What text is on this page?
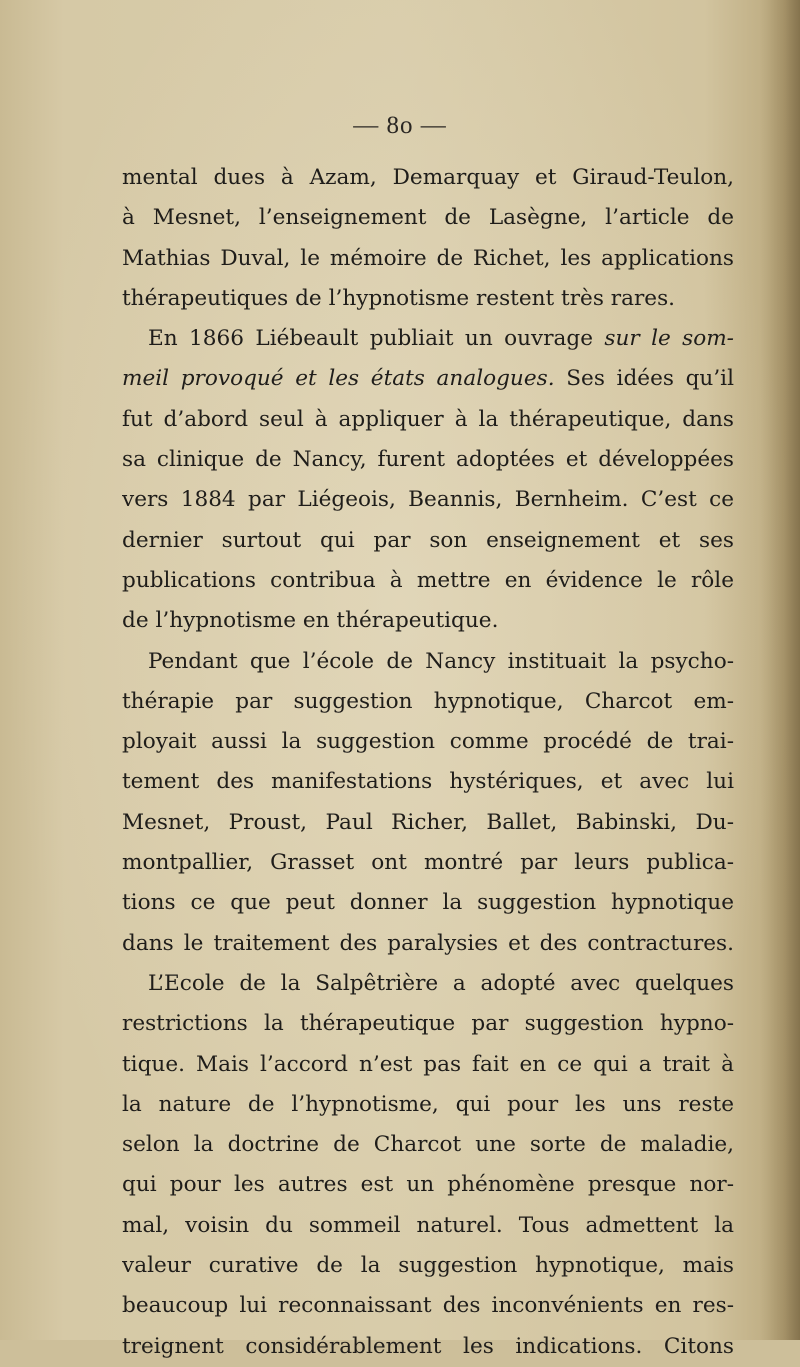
— 8o —
mental dues à Azam, Demarquay et Giraud-Teulon,
à Mesnet, l’enseignement de Lasègne, l’article de
Mathias Duval, le mémoire de Richet, les applications
thérapeutiques de l’hypnotisme restent très rares.
En 1866 Liébeault publiait un ouvrage sur le som-
meil provoqué et les états analogues. Ses idées qu’il
fut d’abord seul à appliquer à la thérapeutique, dans
sa clinique de Nancy, furent adoptées et développées
vers 1884 par Liégeois, Beannis, Bernheim. C’est ce
dernier surtout qui par son enseignement et ses
publications contribua à mettre en évidence le rôle
de l’hypnotisme en thérapeutique.
Pendant que l’école de Nancy instituait la psycho-
thérapie par suggestion hypnotique, Charcot em-
ployait aussi la suggestion comme procédé de trai-
tement des manifestations hystériques, et avec lui
Mesnet, Proust, Paul Richer, Ballet, Babinski, Du-
montpallier, Grasset ont montré par leurs publica-
tions ce que peut donner la suggestion hypnotique
dans le traitement des paralysies et des contractures.
L’Ecole de la Salpêtrière a adopté avec quelques
restrictions la thérapeutique par suggestion hypno-
tique. Mais l’accord n’est pas fait en ce qui a trait à
la nature de l’hypnotisme, qui pour les uns reste
selon la doctrine de Charcot une sorte de maladie,
qui pour les autres est un phénomène presque nor-
mal, voisin du sommeil naturel. Tous admettent la
valeur curative de la suggestion hypnotique, mais
beaucoup lui reconnaissant des inconvénients en res-
treignent considérablement les indications. Citons
